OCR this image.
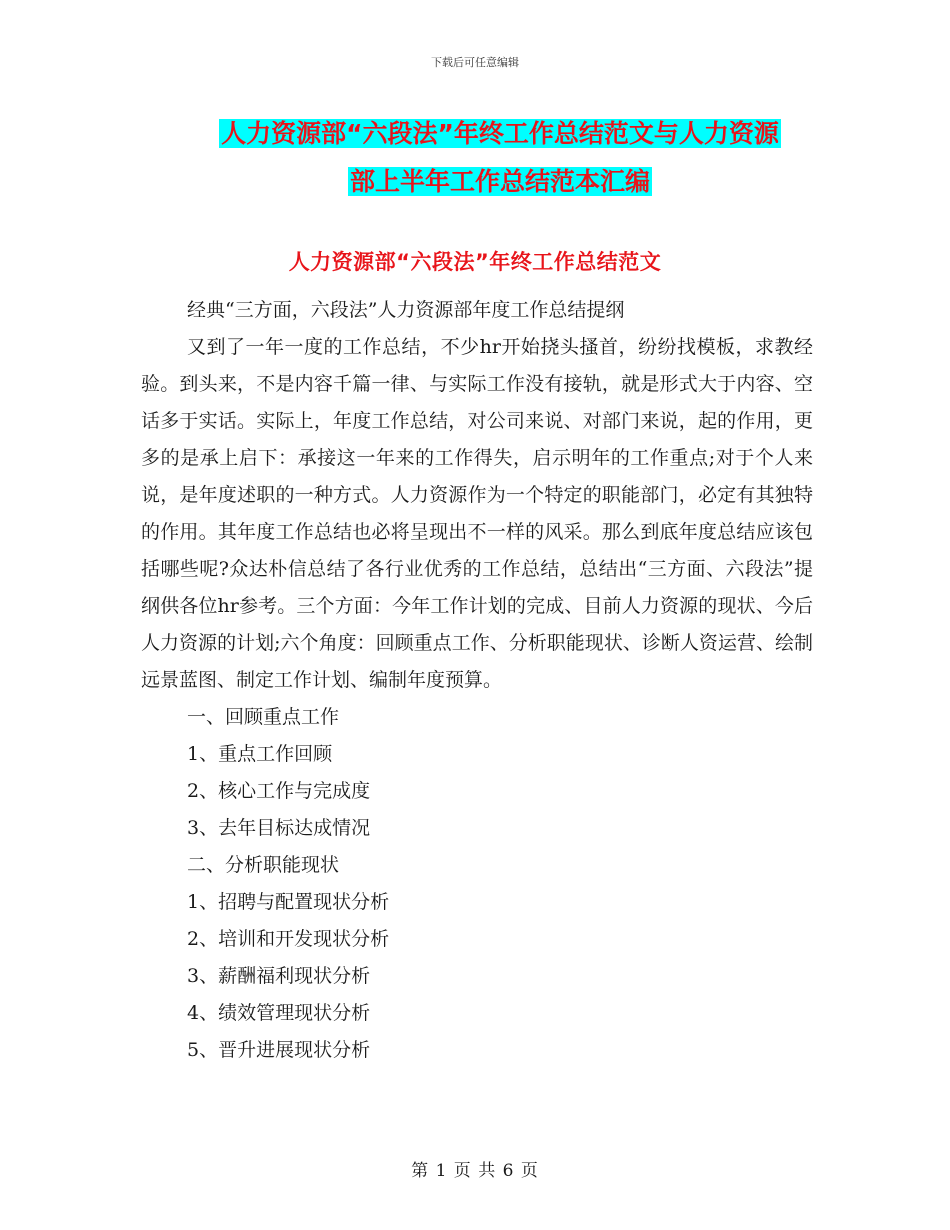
下载后可任意编辑
人力资源部“六段法”年终工作总结范文与人力资源
部上半年工作总结范本汇编
人力资源部“六段法”年终工作总结范文

经典“三方面，六段法”人力资源部年度工作总结提纲

又到了一年一度的工作总结，不少hr开始挠头搔首，纷纷找模板，求教经验。到头来，不是内容千篇一律、与实际工作没有接轨，就是形式大于内容、空话多于实话。实际上，年度工作总结，对公司来说、对部门来说，起的作用，更多的是承上启下：承接这一年来的工作得失，启示明年的工作重点;对于个人来说，是年度述职的一种方式。人力资源作为一个特定的职能部门，必定有其独特的作用。其年度工作总结也必将呈现出不一样的风采。那么到底年度总结应该包括哪些呢?众达朴信总结了各行业优秀的工作总结，总结出“三方面、六段法”提纲供各位hr参考。三个方面：今年工作计划的完成、目前人力资源的现状、今后人力资源的计划;六个角度：回顾重点工作、分析职能现状、诊断人资运营、绘制远景蓝图、制定工作计划、编制年度预算。

一、回顾重点工作

1、重点工作回顾

2、核心工作与完成度

3、去年目标达成情况

二、分析职能现状

1、招聘与配置现状分析

2、培训和开发现状分析

3、薪酬福利现状分析

4、绩效管理现状分析

5、晋升进展现状分析

第 1 页 共 6 页
